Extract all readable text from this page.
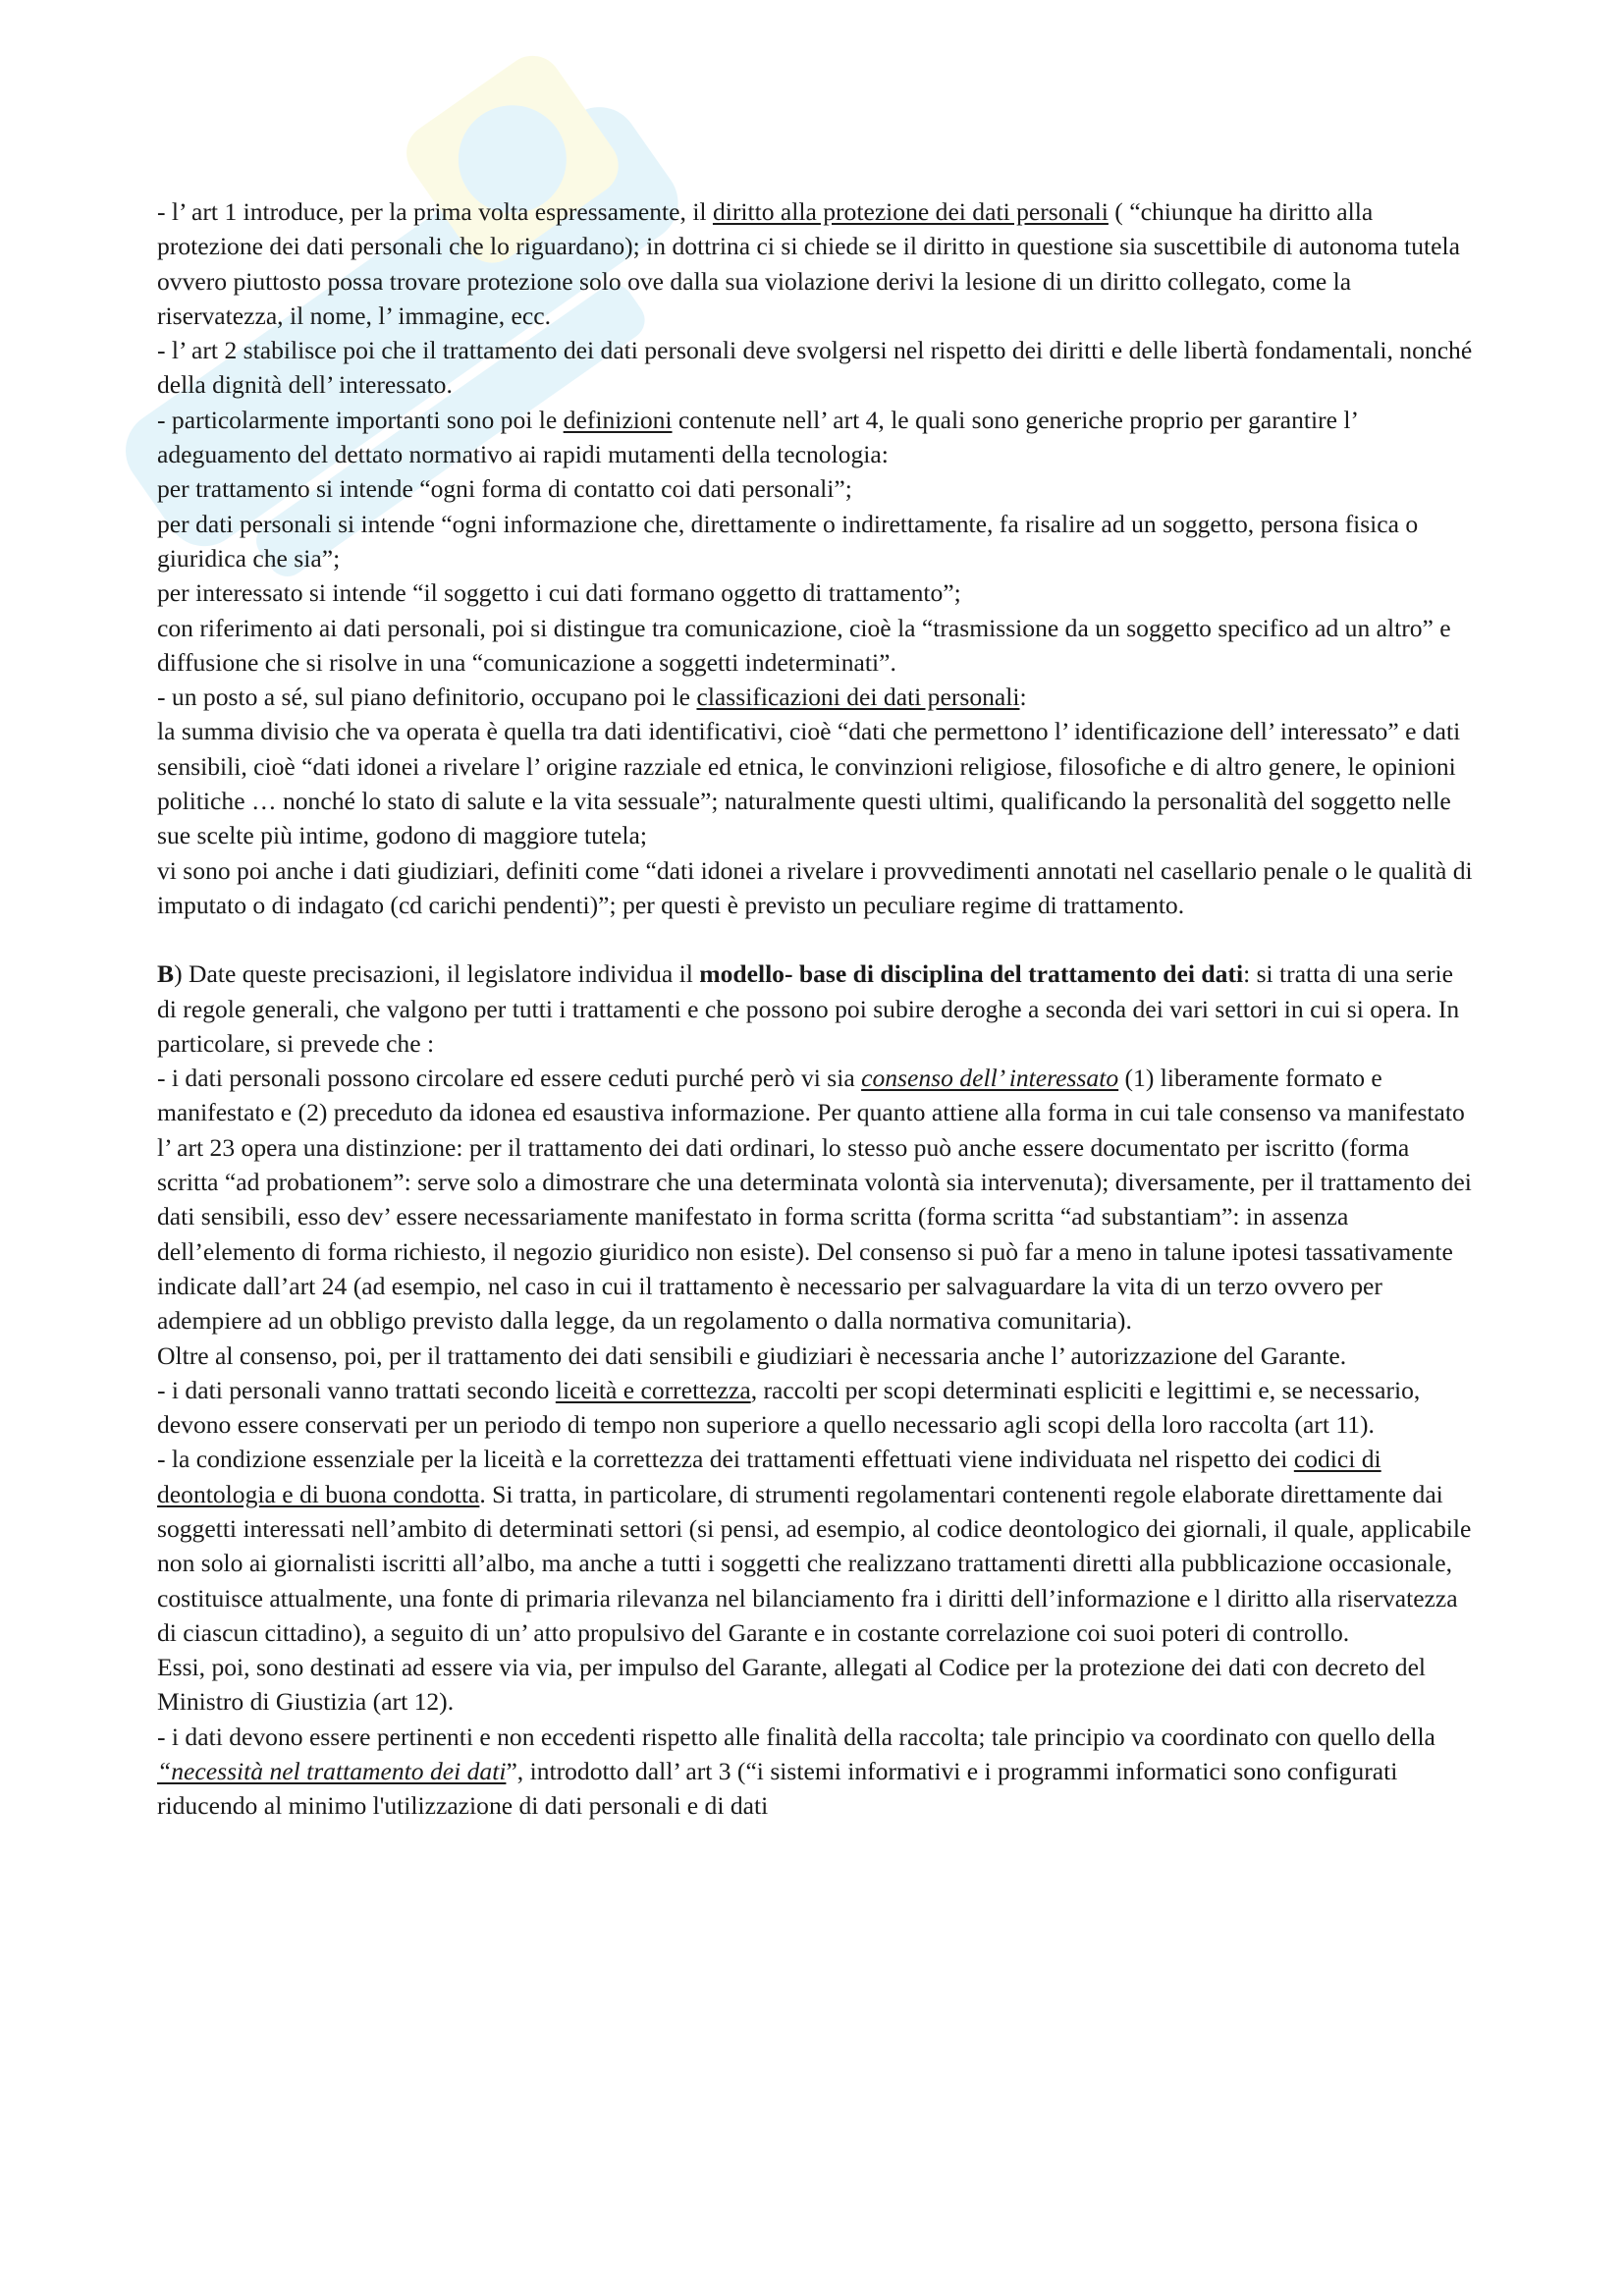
- l’ art 1 introduce, per la prima volta espressamente, il diritto alla protezione dei dati personali ( “chiunque ha diritto alla protezione dei dati personali che lo riguardano); in dottrina ci si chiede se il diritto in questione sia suscettibile di autonoma tutela ovvero piuttosto possa trovare protezione solo ove dalla sua violazione derivi la lesione di un diritto collegato, come la riservatezza, il nome, l’ immagine, ecc.

- l’ art 2 stabilisce poi che il trattamento dei dati personali deve svolgersi nel rispetto dei diritti e delle libertà fondamentali, nonché della dignità dell’ interessato.

- particolarmente importanti sono poi le definizioni contenute nell’ art 4, le quali sono generiche proprio per garantire l’ adeguamento del dettato normativo ai rapidi mutamenti della tecnologia:

per trattamento si intende “ogni forma di contatto coi dati personali”;

per dati personali si intende “ogni informazione che, direttamente o indirettamente, fa risalire ad un soggetto, persona fisica o giuridica che sia”;

per interessato si intende “il soggetto i cui dati formano oggetto di trattamento”;

con riferimento ai dati personali, poi si distingue tra comunicazione, cioè la “trasmissione da un soggetto specifico ad un altro” e diffusione che si risolve in una “comunicazione a soggetti indeterminati”.

- un posto a sé, sul piano definitorio, occupano poi le classificazioni dei dati personali:

la summa divisio che va operata è quella tra dati identificativi, cioè “dati che permettono l’ identificazione dell’ interessato” e dati sensibili, cioè “dati idonei a rivelare l’ origine razziale ed etnica, le convinzioni religiose, filosofiche e di altro genere, le opinioni politiche … nonché lo stato di salute e la vita sessuale”; naturalmente questi ultimi, qualificando la personalità del soggetto nelle sue scelte più intime, godono di maggiore tutela;

vi sono poi anche i dati giudiziari, definiti come “dati idonei a rivelare i provvedimenti annotati nel casellario penale o le qualità di imputato o di indagato (cd carichi pendenti)”; per questi è previsto un peculiare regime di trattamento.

B) Date queste precisazioni, il legislatore individua il modello- base di disciplina del trattamento dei dati: si tratta di una serie di regole generali, che valgono per tutti i trattamenti e che possono poi subire deroghe a seconda dei vari settori in cui si opera. In particolare, si prevede che :

- i dati personali possono circolare ed essere ceduti purché però vi sia consenso dell’ interessato (1) liberamente formato e manifestato e (2) preceduto da idonea ed esaustiva informazione. Per quanto attiene alla forma in cui tale consenso va manifestato l’ art 23 opera una distinzione: per il trattamento dei dati ordinari, lo stesso può anche essere documentato per iscritto (forma scritta “ad probationem”: serve solo a dimostrare che una determinata volontà sia intervenuta); diversamente, per il trattamento dei dati sensibili, esso dev’ essere necessariamente manifestato in forma scritta (forma scritta “ad substantiam”: in assenza dell’elemento di forma richiesto, il negozio giuridico non esiste). Del consenso si può far a meno in talune ipotesi tassativamente indicate dall’art 24 (ad esempio, nel caso in cui il trattamento è necessario per salvaguardare la vita di un terzo ovvero per adempiere ad un obbligo previsto dalla legge, da un regolamento o dalla normativa comunitaria).

Oltre al consenso, poi, per il trattamento dei dati sensibili e giudiziari è necessaria anche l’ autorizzazione del Garante.

- i dati personali vanno trattati secondo liceità e correttezza, raccolti per scopi determinati espliciti e legittimi e, se necessario, devono essere conservati per un periodo di tempo non superiore a quello necessario agli scopi della loro raccolta (art 11).

- la condizione essenziale per la liceità e la correttezza dei trattamenti effettuati viene individuata nel rispetto dei codici di deontologia e di buona condotta. Si tratta, in particolare, di strumenti regolamentari contenenti regole elaborate direttamente dai soggetti interessati nell’ambito di determinati settori (si pensi, ad esempio, al codice deontologico dei giornali, il quale, applicabile non solo ai giornalisti iscritti all’albo, ma anche a tutti i soggetti che realizzano trattamenti diretti alla pubblicazione occasionale, costituisce attualmente, una fonte di primaria rilevanza nel bilanciamento fra i diritti dell’informazione e l diritto alla riservatezza di ciascun cittadino), a seguito di un’ atto propulsivo del Garante e in costante correlazione coi suoi poteri di controllo.

Essi, poi, sono destinati ad essere via via, per impulso del Garante, allegati al Codice per la protezione dei dati con decreto del Ministro di Giustizia (art 12).

- i dati devono essere pertinenti e non eccedenti rispetto alle finalità della raccolta; tale principio va coordinato con quello della “necessità nel trattamento dei dati”, introdotto dall’ art 3 (“i sistemi informativi e i programmi informatici sono configurati riducendo al minimo l'utilizzazione di dati personali e di dati
